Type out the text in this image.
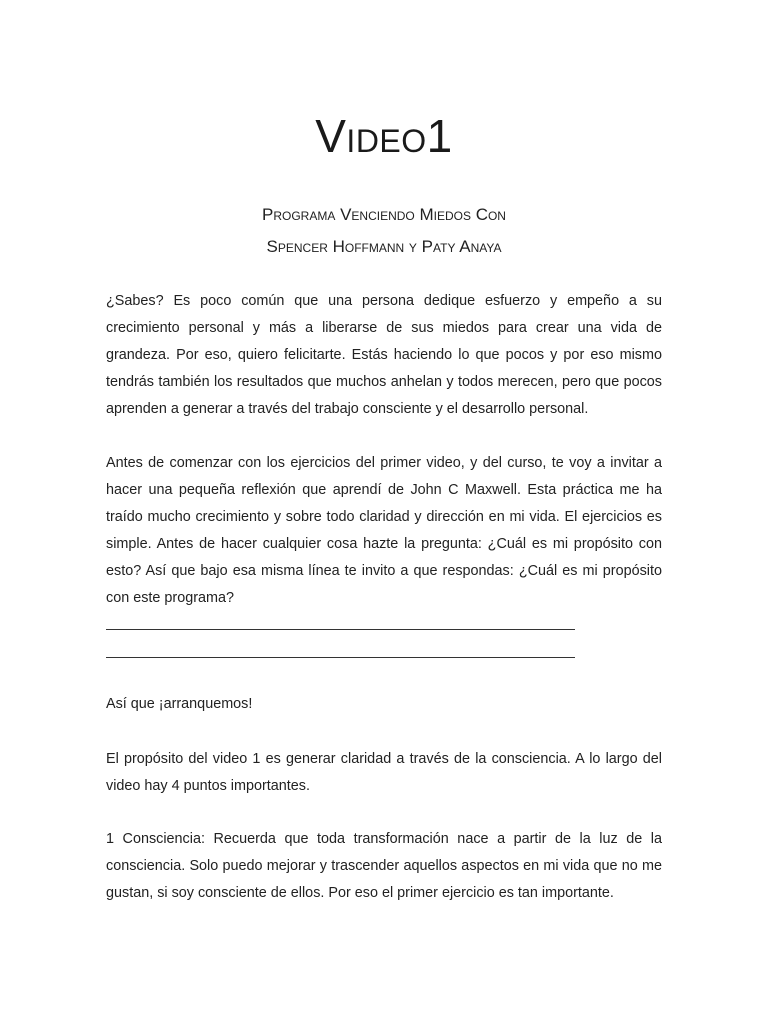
Video1

Programa Venciendo Miedos Con

Spencer Hoffmann y Paty Anaya

¿Sabes? Es poco común que una persona dedique esfuerzo y empeño a su crecimiento personal y más a liberarse de sus miedos para crear una vida de grandeza. Por eso, quiero felicitarte. Estás haciendo lo que pocos y por eso mismo tendrás también los resultados que muchos anhelan y todos merecen, pero que pocos aprenden a generar a través del trabajo consciente y el desarrollo personal.

Antes de comenzar con los ejercicios del primer video, y del curso, te voy a invitar a hacer una pequeña reflexión que aprendí de John C Maxwell. Esta práctica me ha traído mucho crecimiento y sobre todo claridad y dirección en mi vida. El ejercicios es simple. Antes de hacer cualquier cosa hazte la pregunta: ¿Cuál es mi propósito con esto? Así que bajo esa misma línea te invito a que respondas: ¿Cuál es mi propósito con este programa?

Así que ¡arranquemos!

El propósito del video 1 es generar claridad a través de la consciencia. A lo largo del video hay 4 puntos importantes.

1 Consciencia: Recuerda que toda transformación nace a partir de la luz de la consciencia. Solo puedo mejorar y trascender aquellos aspectos en mi vida que no me gustan, si soy consciente de ellos. Por eso el primer ejercicio es tan importante.
